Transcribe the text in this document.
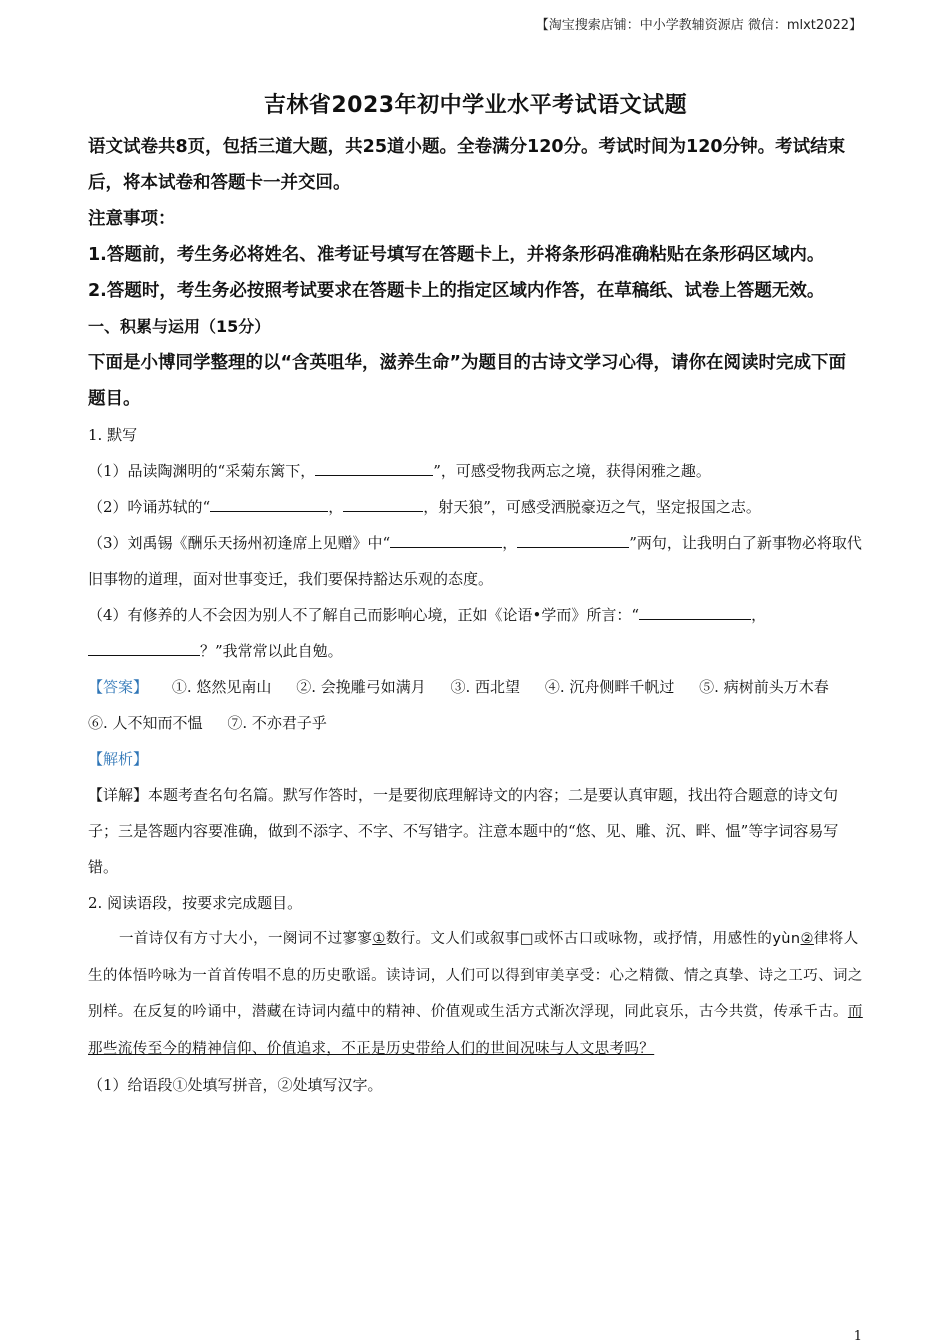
【淘宝搜索店铺：中小学教辅资源店 微信：mlxt2022】
吉林省2023年初中学业水平考试语文试题

语文试卷共8页，包括三道大题，共25道小题。全卷满分120分。考试时间为120分钟。考试结束后，将本试卷和答题卡一并交回。

注意事项：

1.答题前，考生务必将姓名、准考证号填写在答题卡上，并将条形码准确粘贴在条形码区域内。

2.答题时，考生务必按照考试要求在答题卡上的指定区域内作答，在草稿纸、试卷上答题无效。

一、积累与运用（15分）

下面是小博同学整理的以“含英咀华，滋养生命”为题目的古诗文学习心得，请你在阅读时完成下面题目。

1. 默写

（1）品读陶渊明的“采菊东篱下，	”，可感受物我两忘之境，获得闲雅之趣。

（2）吟诵苏轼的“	，	，射天狼”，可感受洒脱豪迈之气，坚定报国之志。

（3）刘禹锡《酬乐天扬州初逢席上见赠》中“	，	”两句，让我明白了新事物必将取代旧事物的道理，面对世事变迁，我们要保持豁达乐观的态度。

（4）有修养的人不会因为别人不了解自己而影响心境，正如《论语•学而》所言：“	，？”我常常以此自勉。

【答案】 ①. 悠然见南山 ②. 会挽雕弓如满月 ③. 西北望 ④. 沉舟侧畔千帆过 ⑤. 病树前头万木春 ⑥. 人不知而不愠 ⑦. 不亦君子乎

【解析】

【详解】本题考查名句名篇。默写作答时，一是要彻底理解诗文的内容；二是要认真审题，找出符合题意的诗文句子；三是答题内容要准确，做到不添字、不字、不写错字。注意本题中的“悠、见、雕、沉、畔、愠”等字词容易写错。

2. 阅读语段，按要求完成题目。

一首诗仅有方寸大小，一阕词不过寥寥①数行。文人们或叙事□或怀古口或咏物，或抒情，用感性的yùn②律将人生的体悟吟咏为一首首传唱不息的历史歌谣。读诗词，人们可以得到审美享受：心之精微、情之真挚、诗之工巧、词之别样。在反复的吟诵中，潜藏在诗词内蕴中的精神、价值观或生活方式渐次浮现，同此哀乐，古今共赏，传承千古。而那些流传至今的精神信仰、价值追求，不正是历史带给人们的世间况味与人文思考吗？

（1）给语段①处填写拼音，②处填写汉字。

1
